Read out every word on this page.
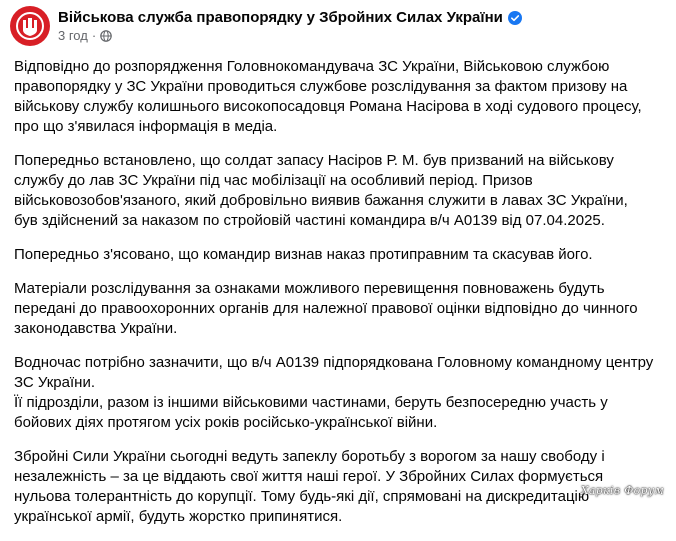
Військова служба правопорядку у Збройних Силах України
3 год ·

Відповідно до розпорядження Головнокомандувача ЗС України, Військовою службою правопорядку у ЗС України проводиться службове розслідування за фактом призову на військову службу колишнього високопосадовця Романа Насірова в ході судового процесу, про що з'явилася інформація в медіа.

Попередньо встановлено, що солдат запасу Насіров Р. М. був призваний на військову службу до лав ЗС України під час мобілізації на особливий період. Призов військовозобов'язаного, який добровільно виявив бажання служити в лавах ЗС України, був здійснений за наказом по стройовій частині командира в/ч А0139 від 07.04.2025.

Попередньо з'ясовано, що командир визнав наказ протиправним та скасував його.

Матеріали розслідування за ознаками можливого перевищення повноважень будуть передані до правоохоронних органів для належної правової оцінки відповідно до чинного законодавства України.

Водночас потрібно зазначити, що в/ч А0139 підпорядкована Головному командному центру ЗС України.

Її підрозділи, разом із іншими військовими частинами, беруть безпосередню участь у бойових діях протягом усіх років російсько-української війни.

Збройні Сили України сьогодні ведуть запеклу боротьбу з ворогом за нашу свободу і незалежність – за це віддають свої життя наші герої. У Збройних Силах формується нульова толерантність до корупції. Тому будь-які дії, спрямовані на дискредитацію української армії, будуть жорстко припинятися.

Харків Форум
